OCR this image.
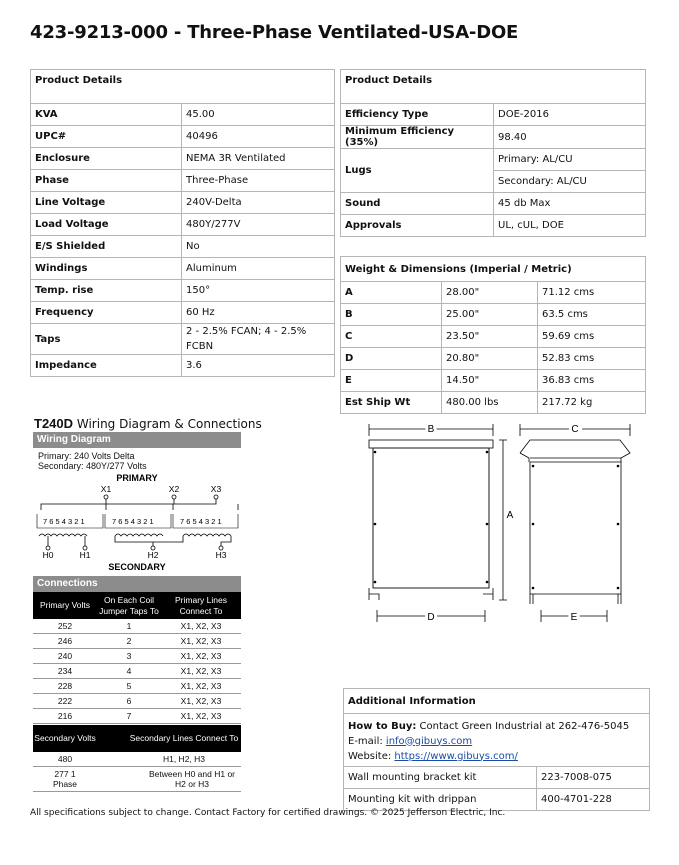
423-9213-000 - Three-Phase Ventilated-USA-DOE
Product Details	
KVA	45.00
UPC#	40496
Enclosure	NEMA 3R Ventilated
Phase	Three-Phase
Line Voltage	240V-Delta
Load Voltage	480Y/277V
E/S Shielded	No
Windings	Aluminum
Temp. rise	150°
Frequency	60 Hz
Taps	2 - 2.5% FCAN; 4 - 2.5% FCBN
Impedance	3.6
Product Details	
Efficiency Type	DOE-2016
Minimum Efficiency (35%)	98.40
Lugs	Primary: AL/CU
	Secondary: AL/CU
Sound	45 db Max
Approvals	UL, cUL, DOE
Weight & Dimensions (Imperial / Metric)		
A	28.00"	71.12 cms
B	25.00"	63.5 cms
C	23.50"	59.69 cms
D	20.80"	52.83 cms
E	14.50"	36.83 cms
Est Ship Wt	480.00 lbs	217.72 kg
T240D Wiring Diagram & Connections
Wiring Diagram
Primary: 240 Volts Delta
Secondary: 480Y/277 Volts
PRIMARY
X1	X2	X3
7 6 5 4 3 2 1	7 6 5 4 3 2 1	7 6 5 4 3 2 1
H0	H1	H2	H3
SECONDARY
Connections
Primary Volts	On Each Coil Jumper Taps To	Primary Lines Connect To
252	1	X1, X2, X3
246	2	X1, X2, X3
240	3	X1, X2, X3
234	4	X1, X2, X3
228	5	X1, X2, X3
222	6	X1, X2, X3
216	7	X1, X2, X3
Secondary Volts	Secondary Lines Connect To
480	H1, H2, H3
277 1 Phase	Between H0 and H1 or H2 or H3
B
A
C
D	E
Additional Information	

How to Buy: Contact Green Industrial at 262-476-5045
E-mail: info@gibuys.com
Website: https://www.gibuys.com/	

Wall mounting bracket kit	223-7008-075
Mounting kit with drippan	400-4701-228
All specifications subject to change. Contact Factory for certified drawings. © 2025 Jefferson Electric, Inc.
